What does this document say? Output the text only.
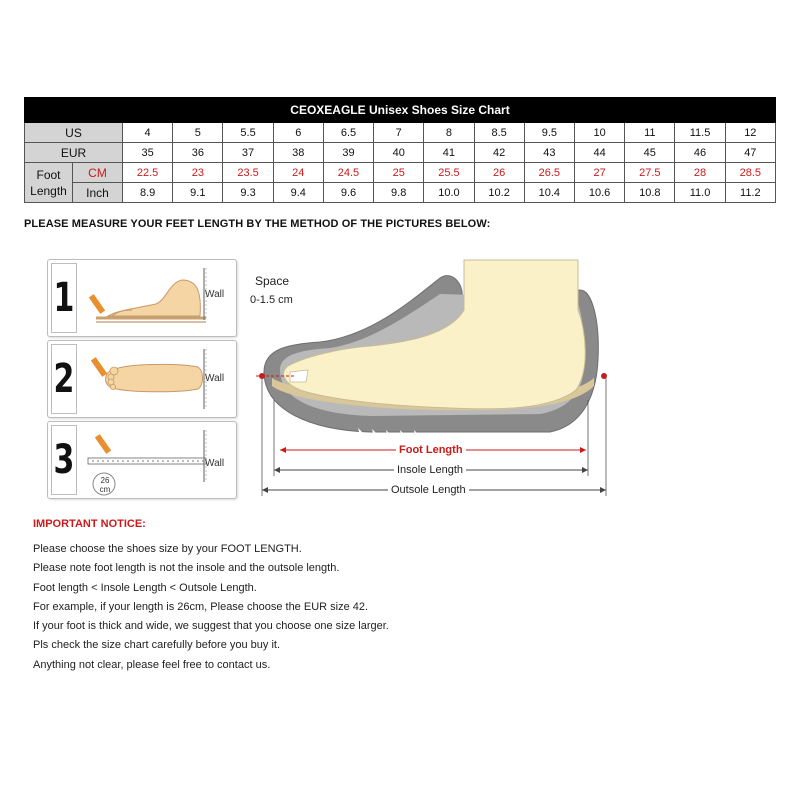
CEOXEAGLE Unisex Shoes Size Chart														
US		4	5	5.5	6	6.5	7	8	8.5	9.5	10	11	11.5	12
EUR		35	36	37	38	39	40	41	42	43	44	45	46	47
Foot Length	CM	22.5	23	23.5	24	24.5	25	25.5	26	26.5	27	27.5	28	28.5
	Inch	8.9	9.1	9.3	9.4	9.6	9.8	10.0	10.2	10.4	10.6	10.8	11.0	11.2
PLEASE MEASURE YOUR FEET LENGTH BY THE METHOD OF THE PICTURES BELOW:
1	Wall
2	Wall
3	Wall
26 cm
Space
0-1.5 cm
Foot Length
Insole Length
Outsole Length
IMPORTANT NOTICE:
Please choose the shoes size by your FOOT LENGTH.
Please note foot length is not the insole and the outsole length.
Foot length < Insole Length < Outsole Length.
For example, if your length is 26cm, Please choose the EUR size 42.
If your foot is thick and wide, we suggest that you choose one size larger.
Pls check the size chart carefully before you buy it.
Anything not clear, please feel free to contact us.
